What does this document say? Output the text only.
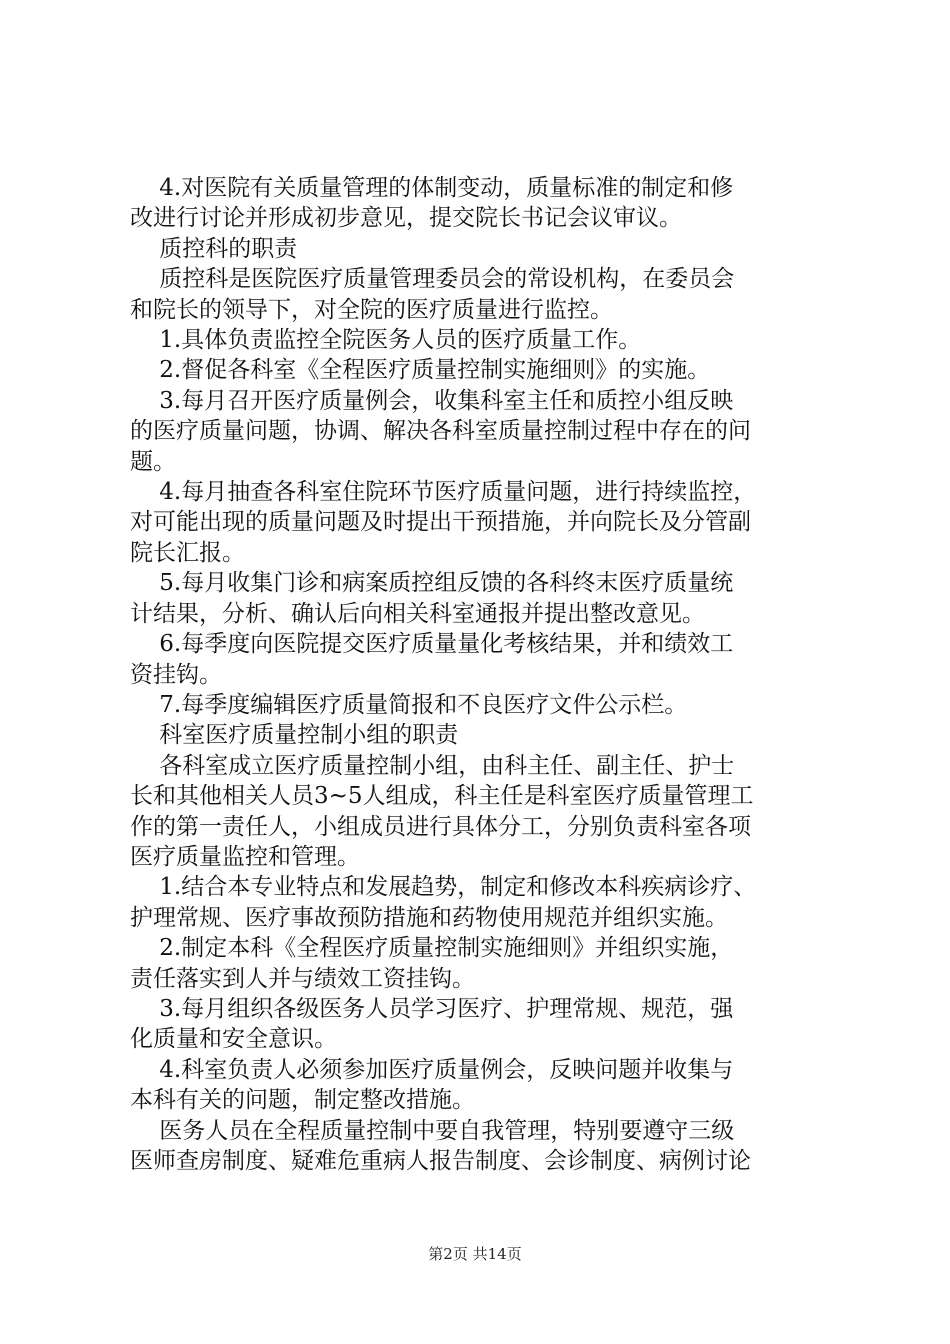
4.对医院有关质量管理的体制变动，质量标准的制定和修

改进行讨论并形成初步意见，提交院长书记会议审议。

质控科的职责

质控科是医院医疗质量管理委员会的常设机构，在委员会

和院长的领导下，对全院的医疗质量进行监控。

1.具体负责监控全院医务人员的医疗质量工作。

2.督促各科室《全程医疗质量控制实施细则》的实施。

3.每月召开医疗质量例会，收集科室主任和质控小组反映

的医疗质量问题，协调、解决各科室质量控制过程中存在的问

题。

4.每月抽查各科室住院环节医疗质量问题，进行持续监控，

对可能出现的质量问题及时提出干预措施，并向院长及分管副

院长汇报。

5.每月收集门诊和病案质控组反馈的各科终末医疗质量统

计结果，分析、确认后向相关科室通报并提出整改意见。

6.每季度向医院提交医疗质量量化考核结果，并和绩效工

资挂钩。

7.每季度编辑医疗质量简报和不良医疗文件公示栏。

科室医疗质量控制小组的职责

各科室成立医疗质量控制小组，由科主任、副主任、护士

长和其他相关人员3~5人组成，科主任是科室医疗质量管理工

作的第一责任人，小组成员进行具体分工，分别负责科室各项

医疗质量监控和管理。

1.结合本专业特点和发展趋势，制定和修改本科疾病诊疗、

护理常规、医疗事故预防措施和药物使用规范并组织实施。

2.制定本科《全程医疗质量控制实施细则》并组织实施，

责任落实到人并与绩效工资挂钩。

3.每月组织各级医务人员学习医疗、护理常规、规范，强

化质量和安全意识。

4.科室负责人必须参加医疗质量例会，反映问题并收集与

本科有关的问题，制定整改措施。

医务人员在全程质量控制中要自我管理，特别要遵守三级

医师查房制度、疑难危重病人报告制度、会诊制度、病例讨论

第2页 共14页
